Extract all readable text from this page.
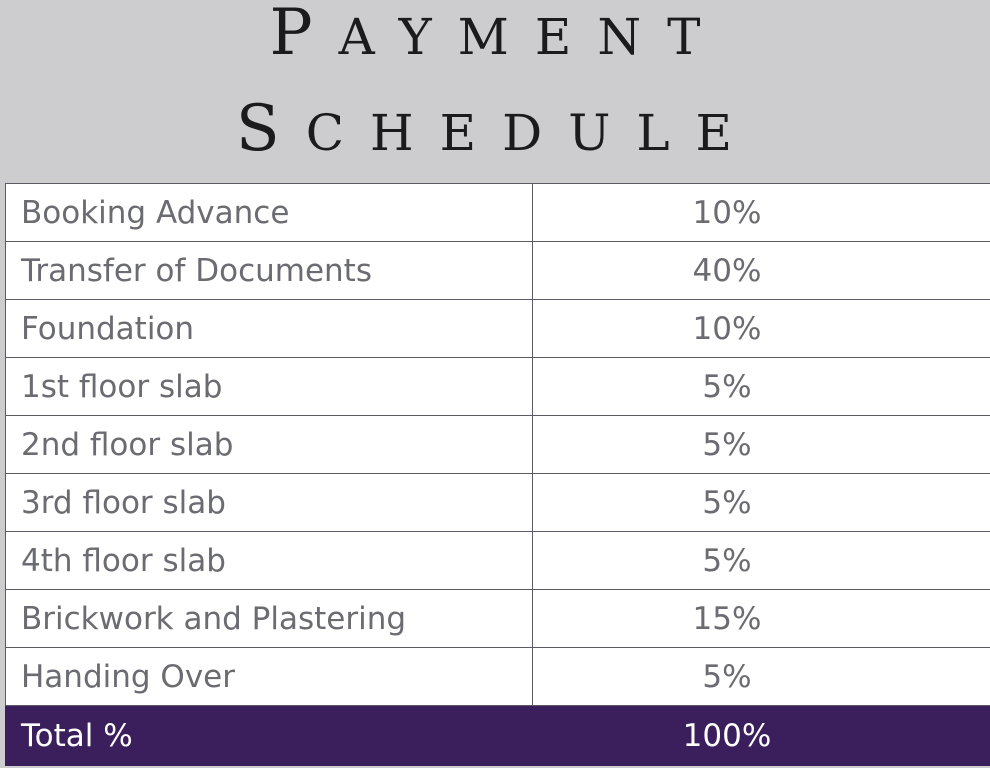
PAYMENT
SCHEDULE
Booking Advance	10%
Transfer of Documents	40%
Foundation	10%
1st floor slab	5%
2nd floor slab	5%
3rd floor slab	5%
4th floor slab	5%
Brickwork and Plastering	15%
Handing Over	5%
Total %	100%
